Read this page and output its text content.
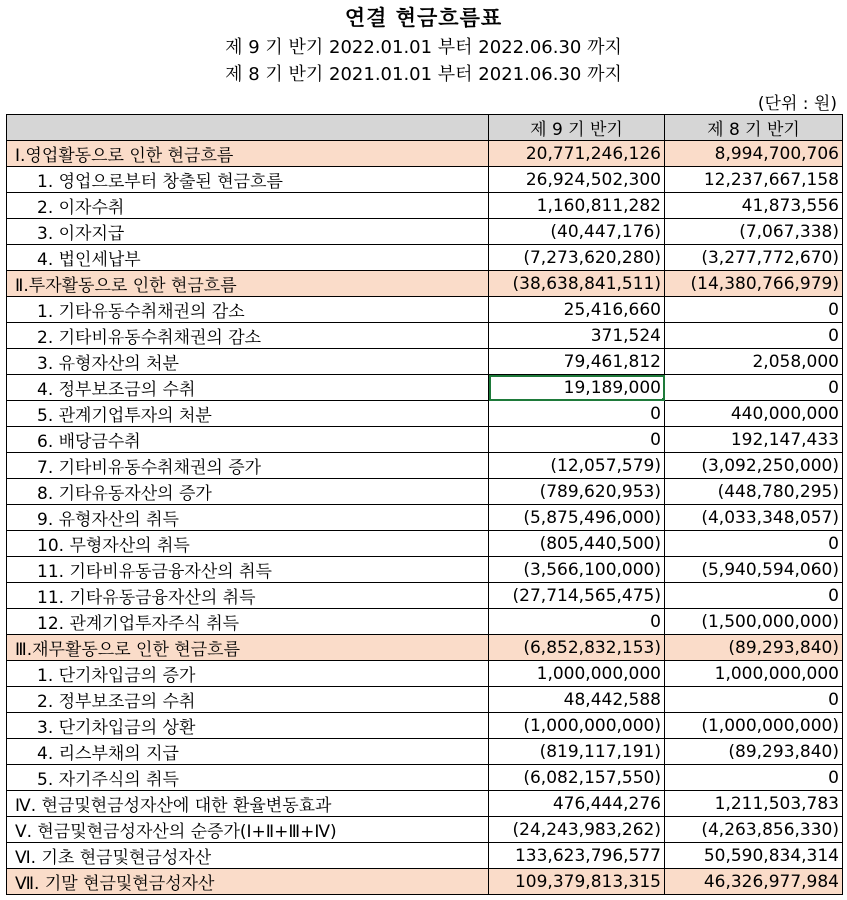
연결 현금흐름표
제 9 기 반기 2022.01.01 부터 2022.06.30 까지
제 8 기 반기 2021.01.01 부터 2021.06.30 까지
(단위 : 원)
	제 9 기 반기	제 8 기 반기
Ⅰ.영업활동으로 인한 현금흐름	20,771,246,126	8,994,700,706
1. 영업으로부터 창출된 현금흐름	26,924,502,300	12,237,667,158
2. 이자수취	1,160,811,282	41,873,556
3. 이자지급	(40,447,176)	(7,067,338)
4. 법인세납부	(7,273,620,280)	(3,277,772,670)
Ⅱ.투자활동으로 인한 현금흐름	(38,638,841,511)	(14,380,766,979)
1. 기타유동수취채권의 감소	25,416,660	0
2. 기타비유동수취채권의 감소	371,524	0
3. 유형자산의 처분	79,461,812	2,058,000
4. 정부보조금의 수취	19,189,000	0
5. 관계기업투자의 처분	0	440,000,000
6. 배당금수취	0	192,147,433
7. 기타비유동수취채권의 증가	(12,057,579)	(3,092,250,000)
8. 기타유동자산의 증가	(789,620,953)	(448,780,295)
9. 유형자산의 취득	(5,875,496,000)	(4,033,348,057)
10. 무형자산의 취득	(805,440,500)	0
11. 기타비유동금융자산의 취득	(3,566,100,000)	(5,940,594,060)
11. 기타유동금융자산의 취득	(27,714,565,475)	0
12. 관계기업투자주식 취득	0	(1,500,000,000)
Ⅲ.재무활동으로 인한 현금흐름	(6,852,832,153)	(89,293,840)
1. 단기차입금의 증가	1,000,000,000	1,000,000,000
2. 정부보조금의 수취	48,442,588	0
3. 단기차입금의 상환	(1,000,000,000)	(1,000,000,000)
4. 리스부채의 지급	(819,117,191)	(89,293,840)
5. 자기주식의 취득	(6,082,157,550)	0
Ⅳ. 현금및현금성자산에 대한 환율변동효과	476,444,276	1,211,503,783
Ⅴ. 현금및현금성자산의 순증가(Ⅰ+Ⅱ+Ⅲ+Ⅳ)	(24,243,983,262)	(4,263,856,330)
Ⅵ. 기초 현금및현금성자산	133,623,796,577	50,590,834,314
Ⅶ. 기말 현금및현금성자산	109,379,813,315	46,326,977,984
